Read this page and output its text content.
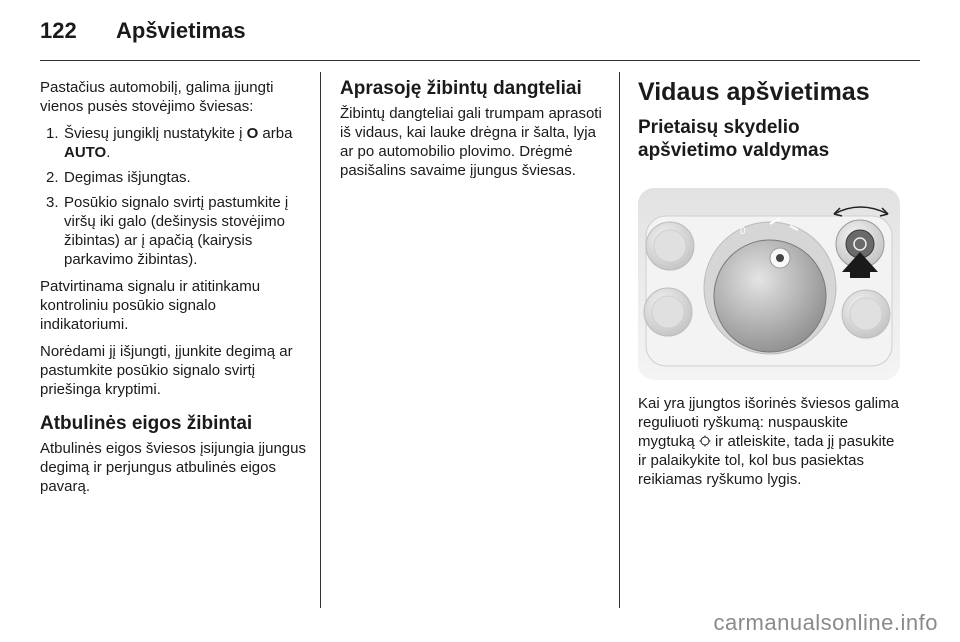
122 Apšvietimas

Pastačius automobilį, galima įjungti vienos pusės stovėjimo šviesas:

1. Šviesų jungiklį nustatykite į O arba AUTO.
2. Degimas išjungtas.
3. Posūkio signalo svirtį pastumkite į viršų iki galo (dešinysis stovėjimo žibintas) ar į apačią (kairysis parkavimo žibintas).

Patvirtinama signalu ir atitinkamu kontroliniu posūkio signalo indikatoriumi.

Norėdami jį išjungti, įjunkite degimą ar pastumkite posūkio signalo svirtį priešinga kryptimi.

Atbulinės eigos žibintai

Atbulinės eigos šviesos įsijungia įjungus degimą ir perjungus atbulinės eigos pavarą.

Aprasoję žibintų dangteliai

Žibintų dangteliai gali trumpam aprasoti iš vidaus, kai lauke drėgna ir šalta, lyja ar po automobilio plovimo. Drėgmė pasišalins savaime įjungus šviesas.

Vidaus apšvietimas
Prietaisų skydelio apšvietimo valdymas
0

Kai yra įjungtos išorinės šviesos galima reguliuoti ryškumą: nuspauskite mygtuką  ir atleiskite, tada jį pasukite ir palaikykite tol, kol bus pasiektas reikiamas ryškumo lygis.

carmanualsonline.info
